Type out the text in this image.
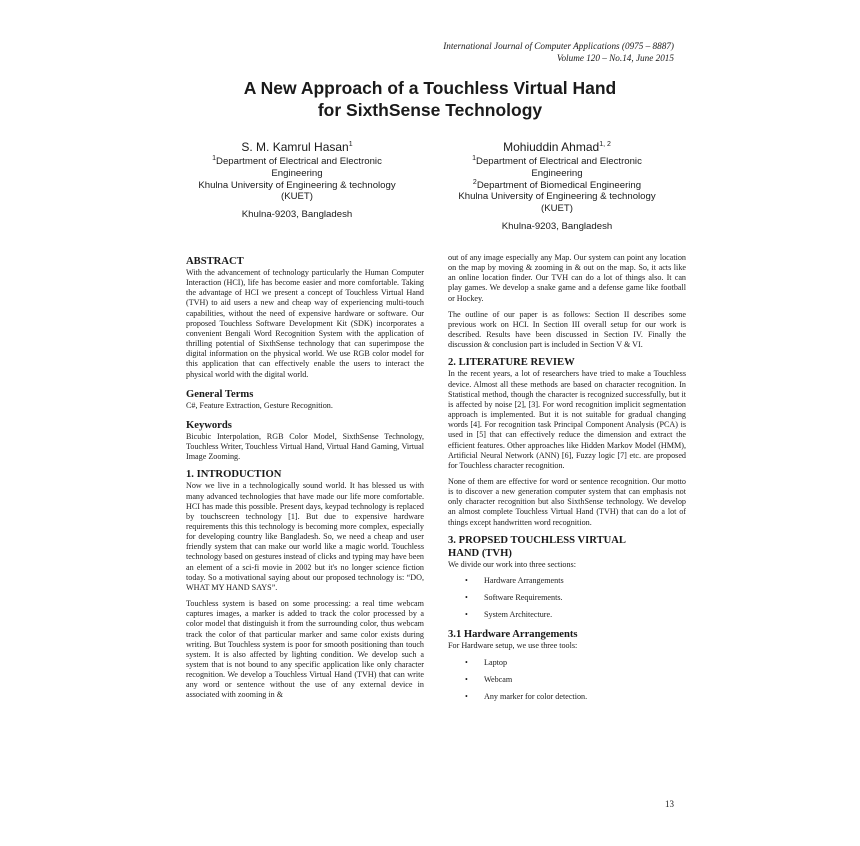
International Journal of Computer Applications (0975 – 8887)
Volume 120 – No.14, June 2015
A New Approach of a Touchless Virtual Hand
for SixthSense Technology
S. M. Kamrul Hasan$^1$
$^1$Department of Electrical and Electronic
Engineering
Khulna University of Engineering & technology
(KUET)
Khulna-9203, Bangladesh
Mohiuddin Ahmad$^{1, 2}$
$^1$Department of Electrical and Electronic
Engineering
$^2$Department of Biomedical Engineering
Khulna University of Engineering & technology
(KUET)
Khulna-9203, Bangladesh
ABSTRACT

With the advancement of technology particularly the Human Computer Interaction (HCI), life has become easier and more comfortable. Taking the advantage of HCI we present a concept of Touchless Virtual Hand (TVH) to aid users a new and cheap way of experiencing multi-touch capabilities, without the need of expensive hardware or software. Our proposed Touchless Software Development Kit (SDK) incorporates a convenient Bengali Word Recognition System with the application of thrilling potential of SixthSense technology that can superimpose the digital information on the physical world. We use RGB color model for this application that can effectively enable the users to interact the physical world with the digital world.

General Terms

C#, Feature Extraction, Gesture Recognition.

Keywords

Bicubic Interpolation, RGB Color Model, SixthSense Technology, Touchless Writer, Touchless Virtual Hand, Virtual Hand Gaming, Virtual Image Zooming.

1. INTRODUCTION

Now we live in a technologically sound world. It has blessed us with many advanced technologies that have made our life more comfortable. HCI has made this possible. Present days, keypad technology is replaced by touchscreen technology [1]. But due to expensive hardware requirements this this technology is becoming more complex, especially for developing country like Bangladesh. So, we need a cheap and user friendly system that can make our world like a magic world. Touchless technology based on gestures instead of clicks and typing may have been an element of a sci-fi movie in 2002 but it's no longer science fiction today. So a motivational saying about our proposed technology is: “DO, WHAT MY HAND SAYS”.

Touchless system is based on some processing: a real time webcam captures images, a marker is added to track the color processed by a color model that distinguish it from the surrounding color, thus webcam track the color of that particular marker and same color exists during writing. But Touchless system is poor for smooth positioning than touch system. It is also affected by lighting condition. We develop such a system that is not bound to any specific application like only character recognition. We develop a Touchless Virtual Hand (TVH) that can write any word or sentence without the use of any external device in associated with zooming in &

out of any image especially any Map. Our system can point any location on the map by moving & zooming in & out on the map. So, it acts like an online location finder. Our TVH can do a lot of things also. It can play games. We develop a snake game and a defense game like football or Hockey.

The outline of our paper is as follows: Section II describes some previous work on HCI. In Section III overall setup for our work is described. Results have been discussed in Section IV. Finally the discussion & conclusion part is included in Section V & VI.

2. LITERATURE REVIEW

In the recent years, a lot of researchers have tried to make a Touchless device. Almost all these methods are based on character recognition. In Statistical method, though the character is recognized successfully, but it is affected by noise [2], [3]. For word recognition implicit segmentation approach is implemented. But it is not suitable for gradual changing words [4]. For recognition task Principal Component Analysis (PCA) is used in [5] that can effectively reduce the dimension and extract the efficient features. Other approaches like Hidden Markov Model (HMM), Artificial Neural Network (ANN) [6], Fuzzy logic [7] etc. are proposed for Touchless character recognition.

None of them are effective for word or sentence recognition. Our motto is to discover a new generation computer system that can emphasis not only character recognition but also SixthSense technology. We develop an almost complete Touchless Virtual Hand (TVH) that can do a lot of things except handwritten word recognition.

3. PROPSED TOUCHLESS VIRTUAL
HAND (TVH)

We divide our work into three sections:

• Hardware Arrangements
• Software Requirements.
• System Architecture.
3.1 Hardware Arrangements

For Hardware setup, we use three tools:

• Laptop
• Webcam
• Any marker for color detection.
13
